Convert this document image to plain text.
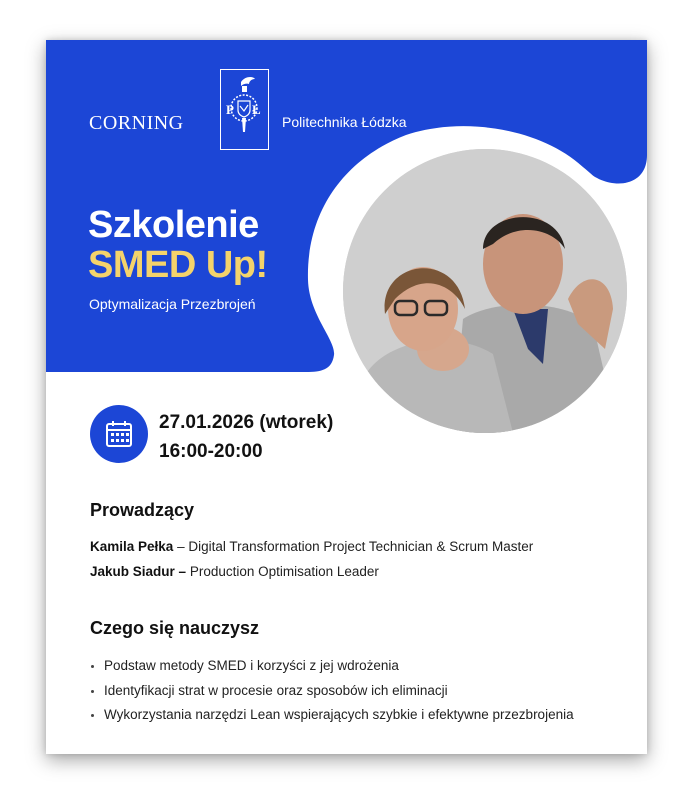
CORNING
P Ł
Politechnika Łódzka
Szkolenie
SMED Up!
Optymalizacja Przezbrojeń
27.01.2026 (wtorek)
16:00-20:00
Prowadzący
Kamila Pełka – Digital Transformation Project Technician & Scrum Master
Jakub Siadur – Production Optimisation Leader
Czego się nauczysz
Podstaw metody SMED i korzyści z jej wdrożenia
Identyfikacji strat w procesie oraz sposobów ich eliminacji
Wykorzystania narzędzi Lean wspierających szybkie i efektywne przezbrojenia
